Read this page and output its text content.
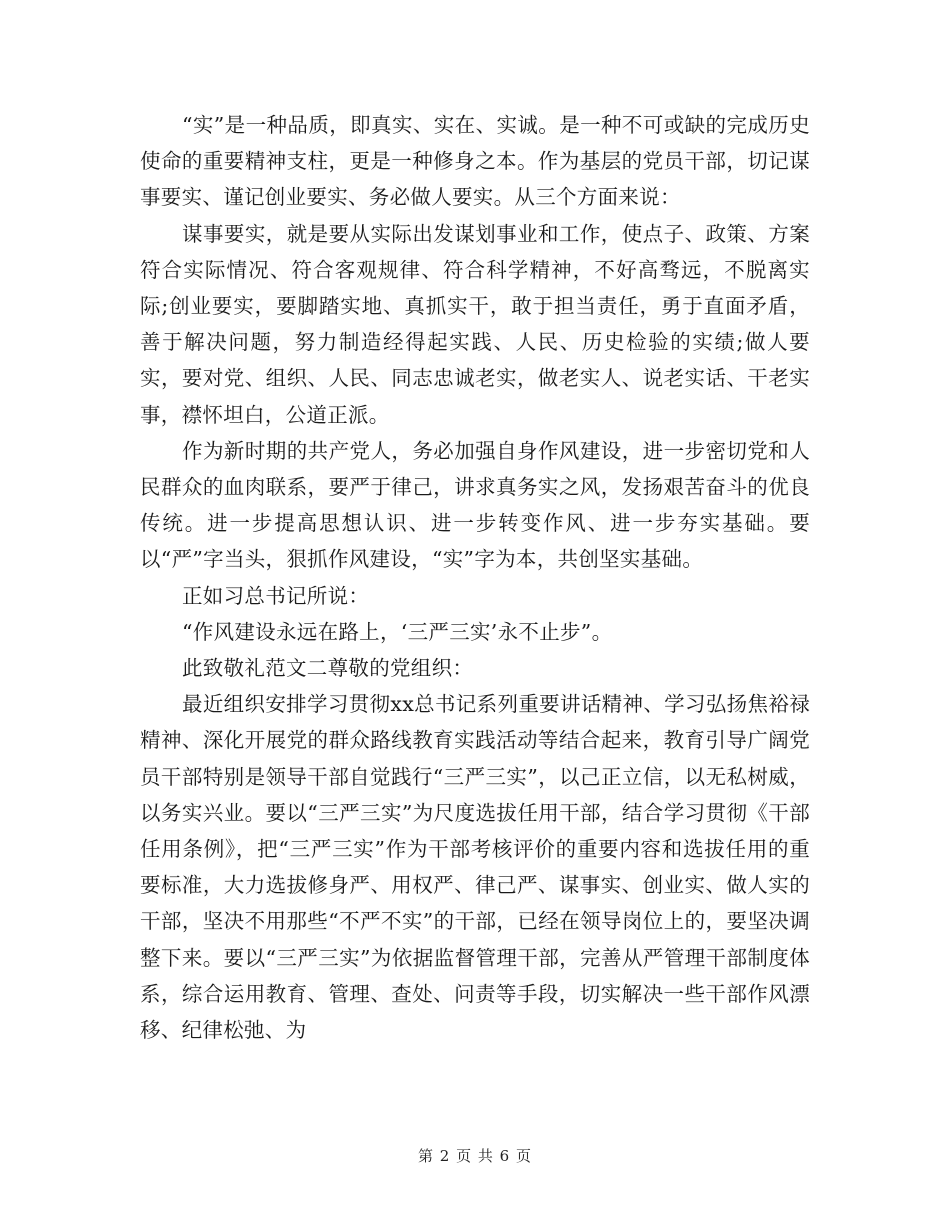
“实”是一种品质，即真实、实在、实诚。是一种不可或缺的完成历史使命的重要精神支柱，更是一种修身之本。作为基层的党员干部，切记谋事要实、谨记创业要实、务必做人要实。从三个方面来说：

谋事要实，就是要从实际出发谋划事业和工作，使点子、政策、方案符合实际情况、符合客观规律、符合科学精神，不好高骛远，不脱离实际;创业要实，要脚踏实地、真抓实干，敢于担当责任，勇于直面矛盾，善于解决问题，努力制造经得起实践、人民、历史检验的实绩;做人要实，要对党、组织、人民、同志忠诚老实，做老实人、说老实话、干老实事，襟怀坦白，公道正派。

作为新时期的共产党人，务必加强自身作风建设，进一步密切党和人民群众的血肉联系，要严于律己，讲求真务实之风，发扬艰苦奋斗的优良传统。进一步提高思想认识、进一步转变作风、进一步夯实基础。要以“严”字当头，狠抓作风建设，“实”字为本，共创坚实基础。

正如习总书记所说：

“作风建设永远在路上，‘三严三实’永不止步”。

此致敬礼范文二尊敬的党组织：

最近组织安排学习贯彻xx总书记系列重要讲话精神、学习弘扬焦裕禄精神、深化开展党的群众路线教育实践活动等结合起来，教育引导广阔党员干部特别是领导干部自觉践行“三严三实”，以己正立信，以无私树威，以务实兴业。要以“三严三实”为尺度选拔任用干部，结合学习贯彻《干部任用条例》，把“三严三实”作为干部考核评价的重要内容和选拔任用的重要标准，大力选拔修身严、用权严、律己严、谋事实、创业实、做人实的干部，坚决不用那些“不严不实”的干部，已经在领导岗位上的，要坚决调整下来。要以“三严三实”为依据监督管理干部，完善从严管理干部制度体系，综合运用教育、管理、查处、问责等手段，切实解决一些干部作风漂移、纪律松弛、为

第 2 页 共 6 页
